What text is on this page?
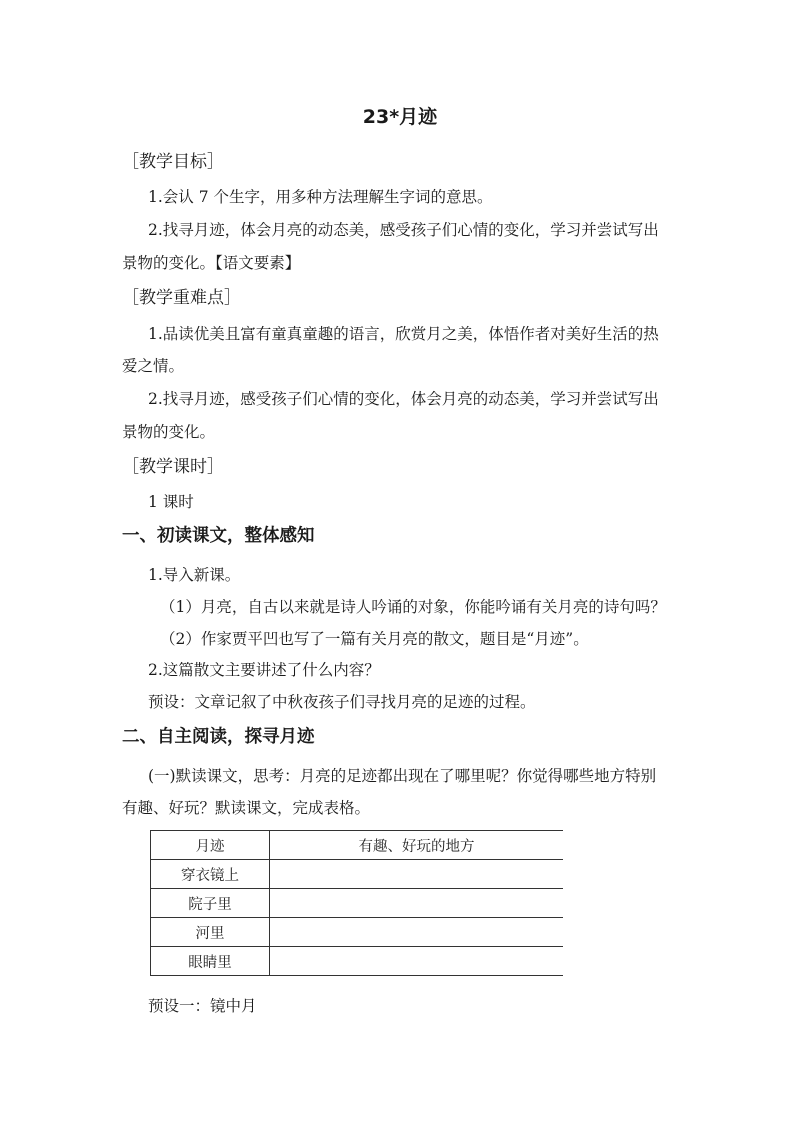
23*月迹
［教学目标］
1.会认 7 个生字，用多种方法理解生字词的意思。
2.找寻月迹，体会月亮的动态美，感受孩子们心情的变化，学习并尝试写出
景物的变化。【语文要素】
［教学重难点］
1.品读优美且富有童真童趣的语言，欣赏月之美，体悟作者对美好生活的热
爱之情。
2.找寻月迹，感受孩子们心情的变化，体会月亮的动态美，学习并尝试写出
景物的变化。
［教学课时］
1 课时
一、初读课文，整体感知
1.导入新课。
（1）月亮，自古以来就是诗人吟诵的对象，你能吟诵有关月亮的诗句吗？
（2）作家贾平凹也写了一篇有关月亮的散文，题目是“月迹”。
2.这篇散文主要讲述了什么内容？
预设：文章记叙了中秋夜孩子们寻找月亮的足迹的过程。
二、自主阅读，探寻月迹
(一)默读课文，思考：月亮的足迹都出现在了哪里呢？你觉得哪些地方特别
有趣、好玩？默读课文，完成表格。
月迹	有趣、好玩的地方
穿衣镜上	
院子里	
河里	
眼睛里	
预设一：镜中月
